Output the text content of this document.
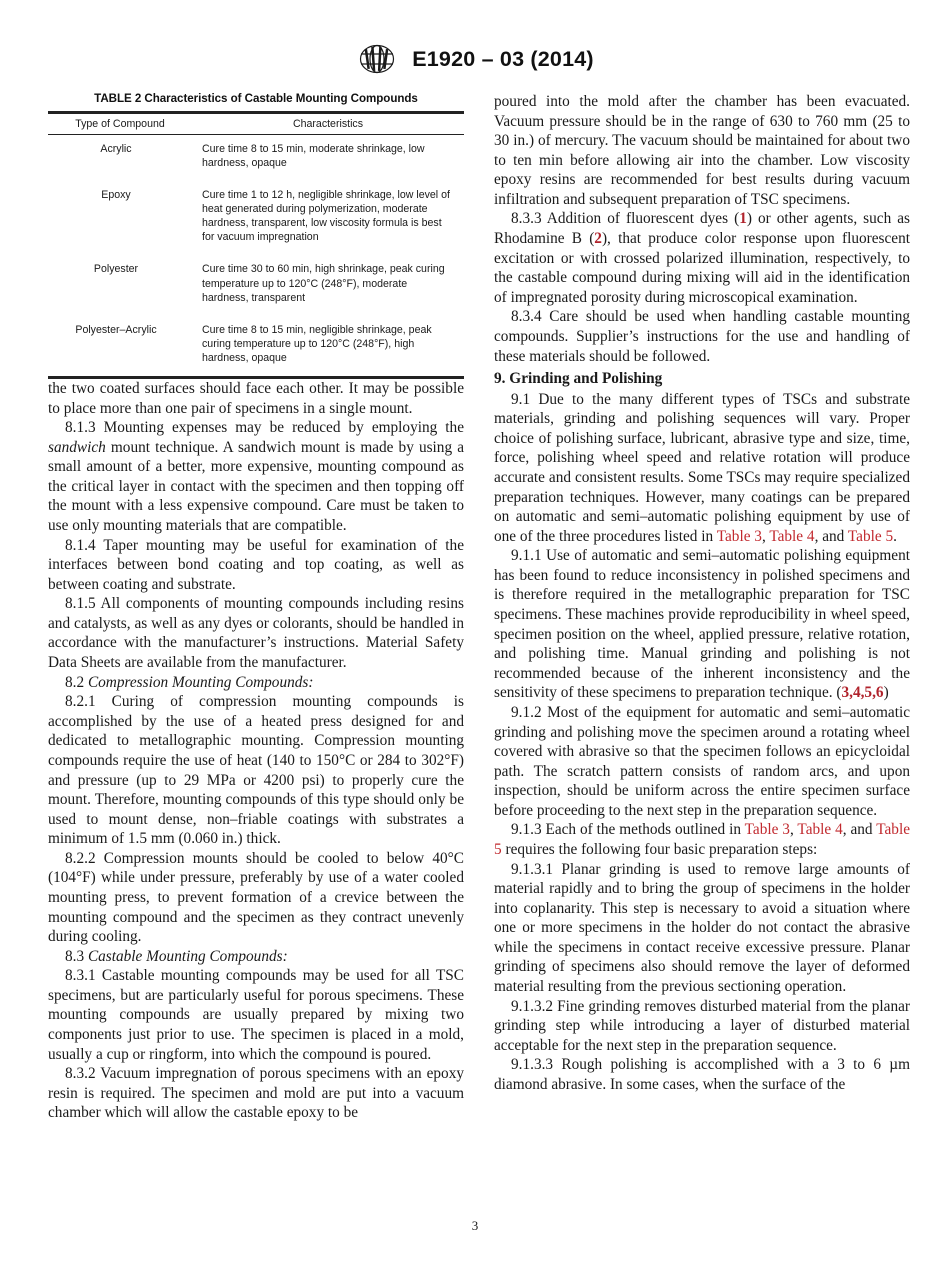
E1920 – 03 (2014)
TABLE 2 Characteristics of Castable Mounting Compounds
Type of Compound	Characteristics
Acrylic	Cure time 8 to 15 min, moderate shrinkage, low hardness, opaque
Epoxy	Cure time 1 to 12 h, negligible shrinkage, low level of heat generated during polymerization, moderate hardness, transparent, low viscosity formula is best for vacuum impregnation
Polyester	Cure time 30 to 60 min, high shrinkage, peak curing temperature up to 120°C (248°F), moderate hardness, transparent
Polyester–Acrylic	Cure time 8 to 15 min, negligible shrinkage, peak curing temperature up to 120°C (248°F), high hardness, opaque

the two coated surfaces should face each other. It may be possible to place more than one pair of specimens in a single mount.

8.1.3 Mounting expenses may be reduced by employing the sandwich mount technique. A sandwich mount is made by using a small amount of a better, more expensive, mounting compound as the critical layer in contact with the specimen and then topping off the mount with a less expensive compound. Care must be taken to use only mounting materials that are compatible.

8.1.4 Taper mounting may be useful for examination of the interfaces between bond coating and top coating, as well as between coating and substrate.

8.1.5 All components of mounting compounds including resins and catalysts, as well as any dyes or colorants, should be handled in accordance with the manufacturer’s instructions. Material Safety Data Sheets are available from the manufacturer.

8.2 Compression Mounting Compounds:

8.2.1 Curing of compression mounting compounds is accomplished by the use of a heated press designed for and dedicated to metallographic mounting. Compression mounting compounds require the use of heat (140 to 150°C or 284 to 302°F) and pressure (up to 29 MPa or 4200 psi) to properly cure the mount. Therefore, mounting compounds of this type should only be used to mount dense, non–friable coatings with substrates a minimum of 1.5 mm (0.060 in.) thick.

8.2.2 Compression mounts should be cooled to below 40°C (104°F) while under pressure, preferably by use of a water cooled mounting press, to prevent formation of a crevice between the mounting compound and the specimen as they contract unevenly during cooling.

8.3 Castable Mounting Compounds:

8.3.1 Castable mounting compounds may be used for all TSC specimens, but are particularly useful for porous specimens. These mounting compounds are usually prepared by mixing two components just prior to use. The specimen is placed in a mold, usually a cup or ringform, into which the compound is poured.

8.3.2 Vacuum impregnation of porous specimens with an epoxy resin is required. The specimen and mold are put into a vacuum chamber which will allow the castable epoxy to be

poured into the mold after the chamber has been evacuated. Vacuum pressure should be in the range of 630 to 760 mm (25 to 30 in.) of mercury. The vacuum should be maintained for about two to ten min before allowing air into the chamber. Low viscosity epoxy resins are recommended for best results during vacuum infiltration and subsequent preparation of TSC specimens.

8.3.3 Addition of fluorescent dyes (1) or other agents, such as Rhodamine B (2), that produce color response upon fluorescent excitation or with crossed polarized illumination, respectively, to the castable compound during mixing will aid in the identification of impregnated porosity during microscopical examination.

8.3.4 Care should be used when handling castable mounting compounds. Supplier’s instructions for the use and handling of these materials should be followed.

9. Grinding and Polishing

9.1 Due to the many different types of TSCs and substrate materials, grinding and polishing sequences will vary. Proper choice of polishing surface, lubricant, abrasive type and size, time, force, polishing wheel speed and relative rotation will produce accurate and consistent results. Some TSCs may require specialized preparation techniques. However, many coatings can be prepared on automatic and semi–automatic polishing equipment by use of one of the three procedures listed in Table 3, Table 4, and Table 5.

9.1.1 Use of automatic and semi–automatic polishing equipment has been found to reduce inconsistency in polished specimens and is therefore required in the metallographic preparation for TSC specimens. These machines provide reproducibility in wheel speed, specimen position on the wheel, applied pressure, relative rotation, and polishing time. Manual grinding and polishing is not recommended because of the inherent inconsistency and the sensitivity of these specimens to preparation technique. (3,4,5,6)

9.1.2 Most of the equipment for automatic and semi–automatic grinding and polishing move the specimen around a rotating wheel covered with abrasive so that the specimen follows an epicycloidal path. The scratch pattern consists of random arcs, and upon inspection, should be uniform across the entire specimen surface before proceeding to the next step in the preparation sequence.

9.1.3 Each of the methods outlined in Table 3, Table 4, and Table 5 requires the following four basic preparation steps:

9.1.3.1 Planar grinding is used to remove large amounts of material rapidly and to bring the group of specimens in the holder into coplanarity. This step is necessary to avoid a situation where one or more specimens in the holder do not contact the abrasive while the specimens in contact receive excessive pressure. Planar grinding of specimens also should remove the layer of deformed material resulting from the previous sectioning operation.

9.1.3.2 Fine grinding removes disturbed material from the planar grinding step while introducing a layer of disturbed material acceptable for the next step in the preparation sequence.

9.1.3.3 Rough polishing is accomplished with a 3 to 6 µm diamond abrasive. In some cases, when the surface of the

3
